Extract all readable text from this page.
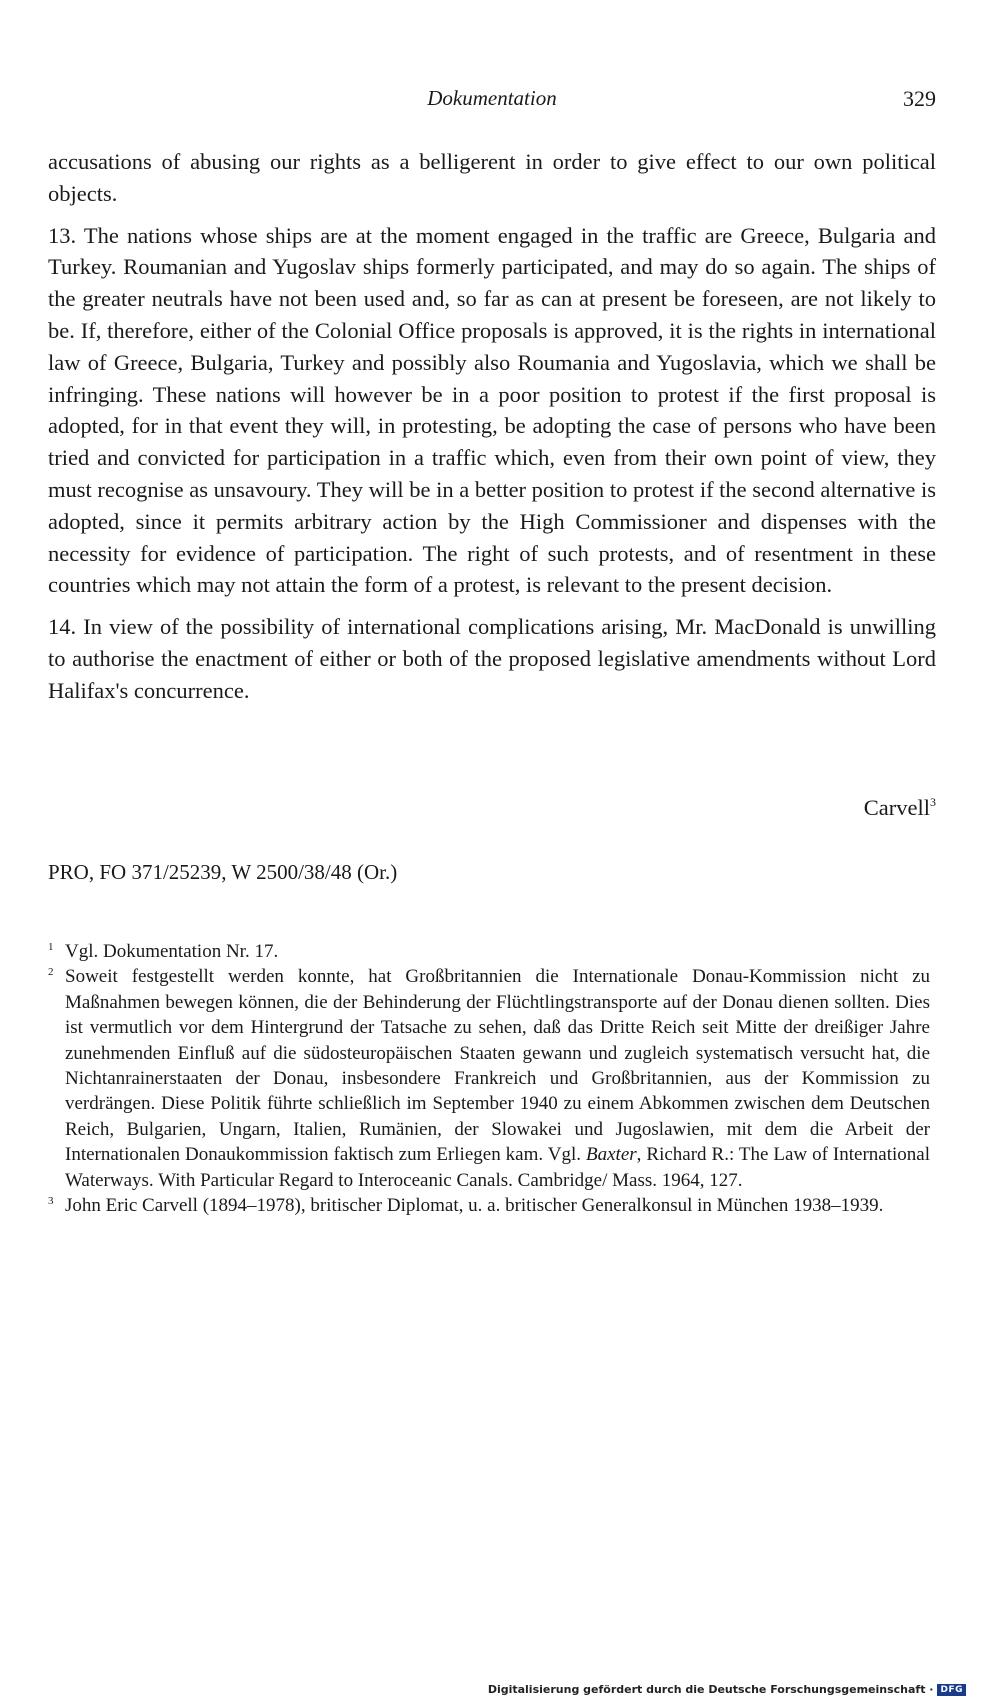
Dokumentation	329

accusations of abusing our rights as a belligerent in order to give effect to our own political objects.

13. The nations whose ships are at the moment engaged in the traffic are Greece, Bulgaria and Turkey. Roumanian and Yugoslav ships formerly participated, and may do so again. The ships of the greater neutrals have not been used and, so far as can at present be foreseen, are not likely to be. If, therefore, either of the Colonial Office proposals is approved, it is the rights in international law of Greece, Bulgaria, Turkey and possibly also Roumania and Yugoslavia, which we shall be infringing. These nations will however be in a poor position to protest if the first proposal is adopted, for in that event they will, in protesting, be adopting the case of persons who have been tried and convicted for participation in a traffic which, even from their own point of view, they must recognise as unsavoury. They will be in a better position to protest if the second alternative is adopted, since it permits arbitrary action by the High Commissioner and dispenses with the necessity for evidence of participation. The right of such protests, and of resentment in these countries which may not attain the form of a protest, is relevant to the present decision.

14. In view of the possibility of international complications arising, Mr. MacDonald is unwilling to authorise the enactment of either or both of the proposed legislative amendments without Lord Halifax's concurrence.

Carvell$^3$
PRO, FO 371/25239, W 2500/38/48 (Or.)
1 Vgl. Dokumentation Nr. 17.
2 Soweit festgestellt werden konnte, hat Großbritannien die Internationale Donau-Kommission nicht zu Maßnahmen bewegen können, die der Behinderung der Flüchtlingstransporte auf der Donau dienen sollten. Dies ist vermutlich vor dem Hintergrund der Tatsache zu sehen, daß das Dritte Reich seit Mitte der dreißiger Jahre zunehmenden Einfluß auf die südosteuropäischen Staaten gewann und zugleich systematisch versucht hat, die Nichtanrainerstaaten der Donau, insbesondere Frankreich und Großbritannien, aus der Kommission zu verdrängen. Diese Politik führte schließlich im September 1940 zu einem Abkommen zwischen dem Deutschen Reich, Bulgarien, Ungarn, Italien, Rumänien, der Slowakei und Jugoslawien, mit dem die Arbeit der Internationalen Donaukommission faktisch zum Erliegen kam. Vgl. Baxter, Richard R.: The Law of International Waterways. With Particular Regard to Interoceanic Canals. Cambridge/ Mass. 1964, 127.
3 John Eric Carvell (1894–1978), britischer Diplomat, u. a. britischer Generalkonsul in München 1938–1939.
Digitalisierung gefördert durch die Deutsche Forschungsgemeinschaft · DFG
